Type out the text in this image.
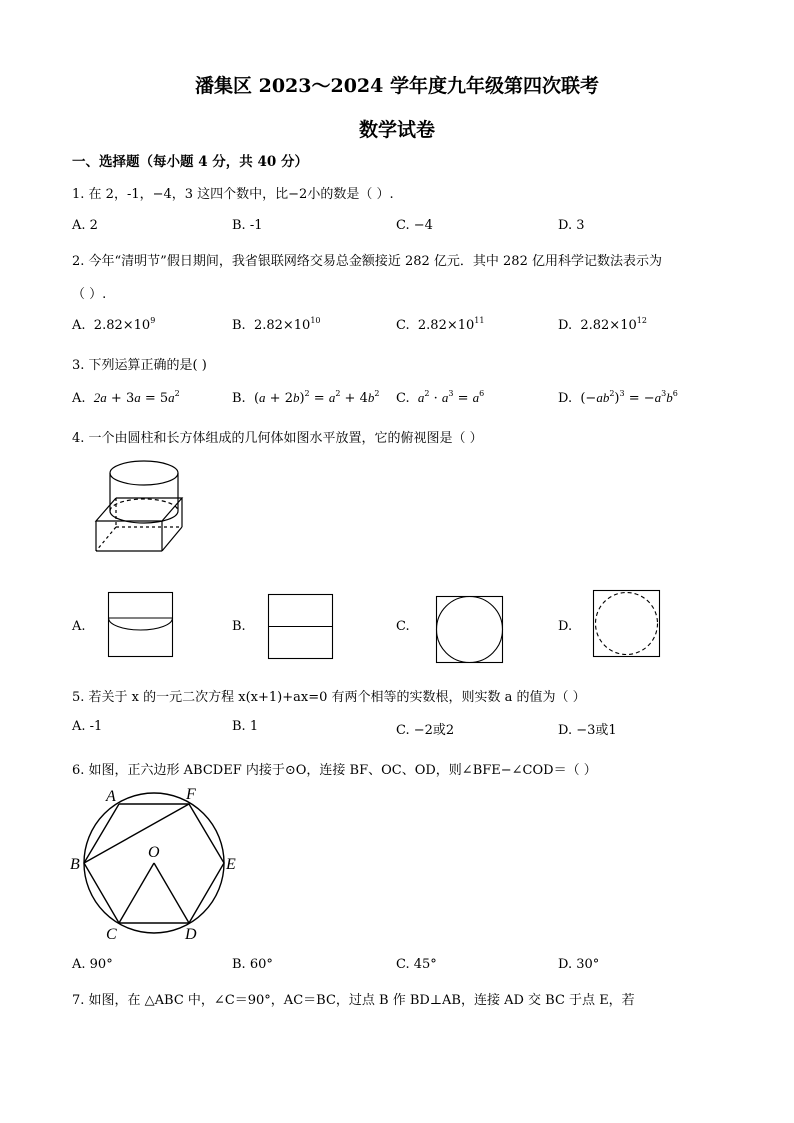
潘集区 2023～2024 学年度九年级第四次联考
数学试卷
一、选择题（每小题 4 分，共 40 分）
1. 在 2，-1，−4，3 这四个数中，比−2小的数是（ ）.
A. 2	B. -1	C. −4	D. 3
2. 今年“清明节”假日期间，我省银联网络交易总金额接近 282 亿元．其中 282 亿用科学记数法表示为
（ ）.
A. $2.82\times 10^9$	B. $2.82\times 10^{10}$	C. $2.82\times 10^{11}$	D. $2.82\times 10^{12}$
3. 下列运算正确的是( )
A. $2a + 3a = 5a^2$	B.  $(a + 2b)^2 = a^2 + 4b^2$ C. $a^2 \cdot a^3 = a^6$	D.  $(-ab^2)^3 = -a^3b^6$
4. 一个由圆柱和长方体组成的几何体如图水平放置，它的俯视图是（ ）
A.	B.	C.	D.
5. 若关于 x 的一元二次方程 x(x+1)+ax=0 有两个相等的实数根，则实数 a 的值为（ ）
A. -1	B. 1	C. −2或2	D. −3或1
6. 如图，正六边形 ABCDEF 内接于⊙O，连接 BF、OC、OD，则∠BFE−∠COD＝（ ）
A	F
B	E
O
C	D
A. 90°	B. 60°	C. 45°	D. 30°
7. 如图，在 △ABC 中，∠C＝90°，AC＝BC，过点 B 作 BD⊥AB，连接 AD 交 BC 于点 E，若
